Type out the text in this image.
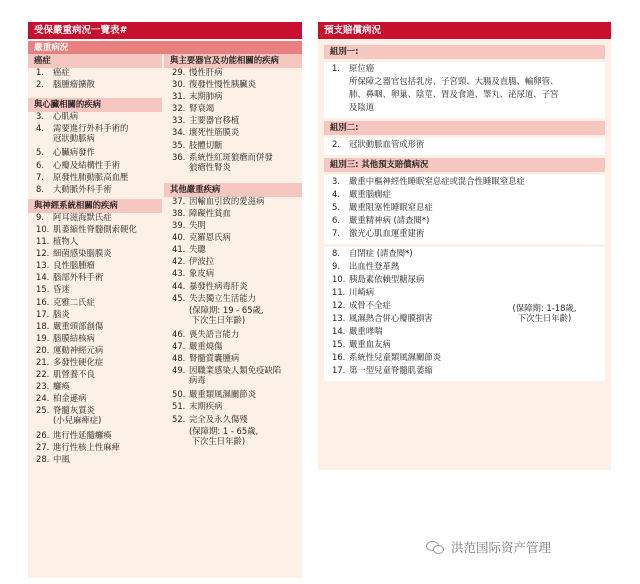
受保嚴重病況一覽表#
嚴重病況
癌症
1.	癌症
2.	腦腫瘤擴散
與心臟相關的疾病
3.	心肌病
4.	需要進行外科手術的
冠狀動脈病
5.	心臟病發作
6.	心瓣及結構性手術
7.	原發性肺動脈高血壓
8.	大動脈外科手術
與神經系統相關的疾病
9.	阿耳滋海默氏症
10. 肌萎縮性脊髓側索硬化
11. 植物人
12. 細菌感染腦膜炎
13. 良性腦腫瘤
14. 腦部外科手術
15. 昏迷
16. 克雅二氏症
17. 腦炎
18. 嚴重頭部創傷
19. 腦膜結核病
20. 運動神經元病
21. 多發性硬化症
22. 肌營養不良
23. 癱瘓
24. 柏金遜病
25. 脊髓灰質炎
(小兒麻痺症)
26. 進行性延髓癱瘓
27. 進行性核上性麻痺
28. 中風
與主要器官及功能相關的疾病
29. 慢性肝病
30. 復發性慢性胰臟炎
31. 末期肺病
32. 腎衰竭
33. 主要器官移植
34. 壞死性筋膜炎
35. 肢體切斷
36. 系統性紅斑狼瘡而併發
狼瘡性腎炎
其他嚴重疾病
37. 因輸血引致的愛滋病
38. 障礙性貧血
39. 失明
40. 克羅恩氏病
41. 失聰
42. 伊波拉
43. 象皮病
44. 暴發性病毒肝炎
45. 失去獨立生活能力
(保障期: 19 - 65歲,
下次生日年齡)
46. 喪失語言能力
47. 嚴重燒傷
48. 腎髓質囊腫病
49. 因職業感染人類免疫缺陷
病毒
50. 嚴重類風濕關節炎
51. 末期疾病
52. 完全及永久傷殘
(保障期: 1 - 65歲,
下次生日年齡)
預支賠償病況
組別一:
1.	原位癌
所保障之器官包括乳房、子宮頸、大腸及直腸、輸卵管、
肺、鼻咽、卵巢、陰莖、胃及食道、睪丸、泌尿道、子宮
及陰道
組別二:
2.	冠狀動脈血管成形術
組別三: 其他預支賠償病況
3.	嚴重中樞神經性睡眠窒息症或混合性睡眠窒息症
4.	嚴重腦癇症
5.	嚴重阻塞性睡眠窒息症
6.	嚴重精神病 (請查閱*)
7.	激光心肌血運重建術
8.	自閉症 (請查閱*)
9.	出血性登革熱
10. 胰島素依賴型糖尿病
11. 川崎病
12. 成骨不全症
13. 風濕熱合併心瓣膜損害
14. 嚴重哮喘
15. 嚴重血友病
16. 系統性兒童類風濕關節炎
17. 第一型兒童脊髓肌萎縮
(保障期: 1-18歲,
下次生日年齡)
洪范国际资产管理
